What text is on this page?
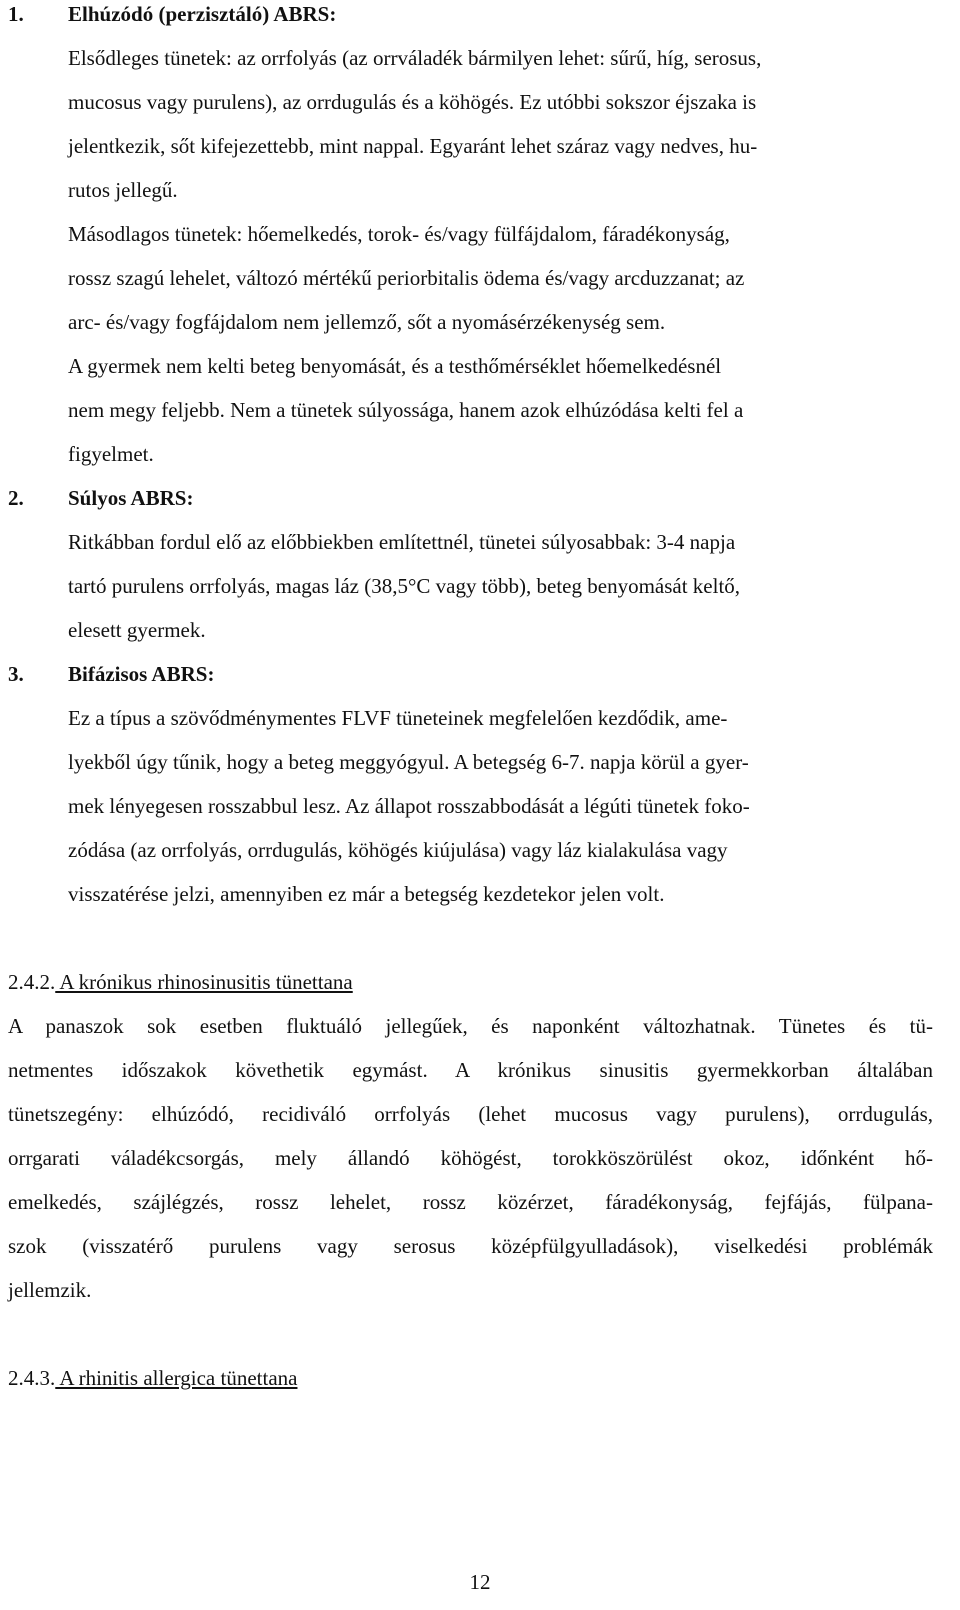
1. Elhúzódó (perzisztáló) ABRS:
Elsődleges tünetek: az orrfolyás (az orrváladék bármilyen lehet: sűrű, híg, serosus,
mucosus vagy purulens), az orrdugulás és a köhögés. Ez utóbbi sokszor éjszaka is
jelentkezik, sőt kifejezettebb, mint nappal. Egyaránt lehet száraz vagy nedves, hu-
rutos jellegű.
Másodlagos tünetek: hőemelkedés, torok- és/vagy fülfájdalom, fáradékonyság,
rossz szagú lehelet, változó mértékű periorbitalis ödema és/vagy arcduzzanat; az
arc- és/vagy fogfájdalom nem jellemző, sőt a nyomásérzékenység sem.
A gyermek nem kelti beteg benyomását, és a testhőmérséklet hőemelkedésnél
nem megy feljebb. Nem a tünetek súlyossága, hanem azok elhúzódása kelti fel a
figyelmet.
2. Súlyos ABRS:
Ritkábban fordul elő az előbbiekben említettnél, tünetei súlyosabbak: 3-4 napja
tartó purulens orrfolyás, magas láz (38,5°C vagy több), beteg benyomását keltő,
elesett gyermek.
3. Bifázisos ABRS:
Ez a típus a szövődménymentes FLVF tüneteinek megfelelően kezdődik, ame-
lyekből úgy tűnik, hogy a beteg meggyógyul. A betegség 6-7. napja körül a gyer-
mek lényegesen rosszabbul lesz. Az állapot rosszabbodását a légúti tünetek foko-
zódása (az orrfolyás, orrdugulás, köhögés kiújulása) vagy láz kialakulása vagy
visszatérése jelzi, amennyiben ez már a betegség kezdetekor jelen volt.
2.4.2. A krónikus rhinosinusitis tünettana
A panaszok sok esetben fluktuáló jellegűek, és naponként változhatnak. Tünetes és tü-
netmentes időszakok követhetik egymást. A krónikus sinusitis gyermekkorban általában
tünetszegény: elhúzódó, recidiváló orrfolyás (lehet mucosus vagy purulens), orrdugulás,
orrgarati váladékcsorgás, mely állandó köhögést, torokköszörülést okoz, időnként hő-
emelkedés, szájlégzés, rossz lehelet, rossz közérzet, fáradékonyság, fejfájás, fülpana-
szok (visszatérő purulens vagy serosus középfülgyulladások), viselkedési problémák
jellemzik.
2.4.3. A rhinitis allergica tünettana
12
